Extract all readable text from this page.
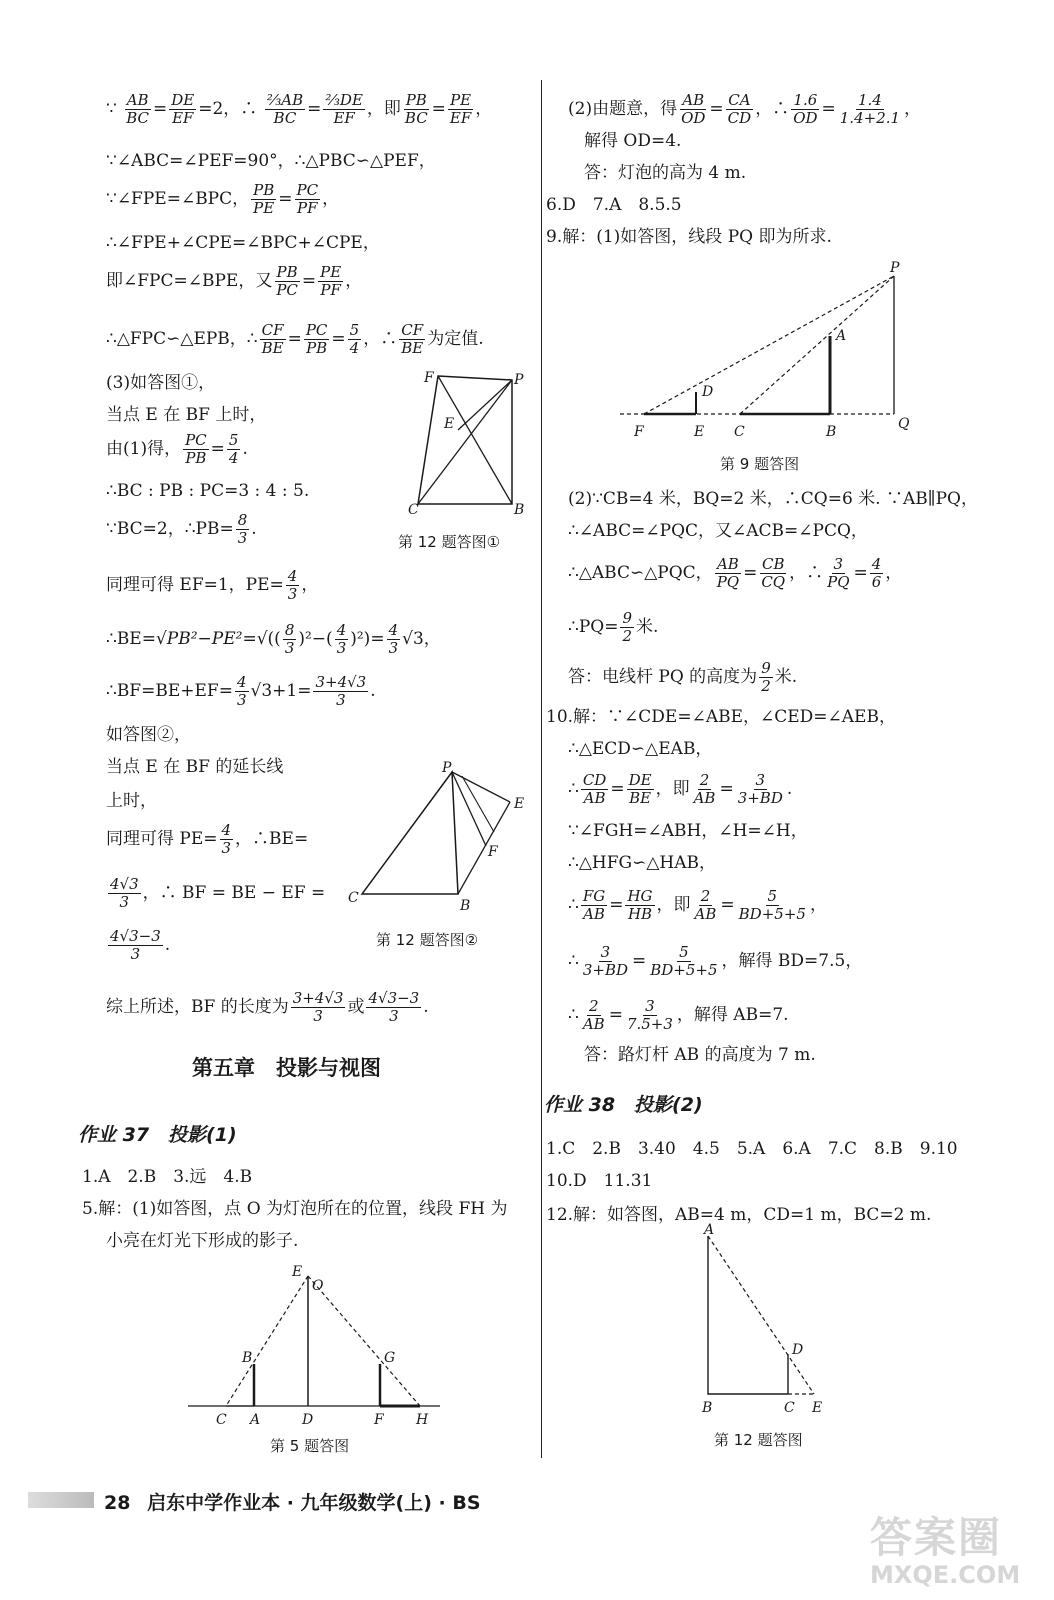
∵ $\frac{AB}{BC} = \frac{DE}{EF} =2$，∴ $\frac{\text{⅔AB}}{BC} = \frac{\text{⅔DE}}{EF}$ ，即 $\frac{PB}{BC} = \frac{PE}{EF}$ ，
∵∠ABC=∠PEF=90°，∴△PBC∽△PEF，
∵∠FPE=∠BPC， $\frac{PB}{PE} = \frac{PC}{PF}$ ，
∴∠FPE+∠CPE=∠BPC+∠CPE，
即∠FPC=∠BPE，又 $\frac{PB}{PC} = \frac{PE}{PF}$ ，
∴△FPC∽△EPB，∴ $\frac{CF}{BE} = \frac{PC}{PB} = \frac{5}{4}$ ，∴ $\frac{CF}{BE}$ 为定值.
(3)如答图①，
当点 E 在 BF 上时，
由(1)得， $\frac{PC}{PB} = \frac{5}{4}$ .
∴BC : PB : PC=3 : 4 : 5.
∵BC=2，∴PB= $\frac{8}{3}$ .
F	P
E
C	B
第 12 题答图①
同理可得 EF=1，$PE= \frac{4}{3}$ ，
∴BE=√PB²−PE²=√(( $\frac{8}{3} )^2-( \frac{4}{3} )^2)= \frac{4}{3} √3$，
∴BF=BE+EF= $\frac{4}{3} √3+1= \frac{3+4√3}{3}$ .
如答图②，
当点 E 在 BF 的延长线
上时，
同理可得 $PE= \frac{4}{3}$ ，∴BE=
$\frac{4√3}{3}$ ，∴ BF = BE − EF =
$\frac{4√3-3}{3}$ .
P
E
F
C	B
第 12 题答图②
综上所述，BF 的长度为 $\frac{3+4√3}{3}$ 或 $\frac{4√3-3}{3}$ .
第五章　投影与视图
作业 37　投影(1)
1.A　2.B　3.远　4.B
5.解：(1)如答图，点 O 为灯泡所在的位置，线段 FH 为
小亮在灯光下形成的影子.
E
O
B	G
C A	D	F H
第 5 题答图
(2)由题意，得 $\frac{AB}{OD} = \frac{CA}{CD}$ ，∴ $\frac{1.6}{OD} = \frac{1.4}{1.4+2.1}$ ，
解得 OD=4.
答：灯泡的高为 4 m.
6.D　7.A　8.5.5
9.解：(1)如答图，线段 PQ 即为所求.
P
A
D
F	E C	B	Q
第 9 题答图
(2)∵CB=4 米，BQ=2 米，∴CQ=6 米. ∵AB∥PQ，
∴∠ABC=∠PQC，又∠ACB=∠PCQ，
∴△ABC∽△PQC， $\frac{AB}{PQ} = \frac{CB}{CQ}$ ，∴ $\frac{3}{PQ} = \frac{4}{6}$ ，
∴PQ= $\frac{9}{2}$ 米.
答：电线杆 PQ 的高度为 $\frac{9}{2}$ 米.
10.解：∵∠CDE=∠ABE，∠CED=∠AEB，
∴△ECD∽△EAB，
∴ $\frac{CD}{AB} = \frac{DE}{BE}$ ，即 $\frac{2}{AB} = \frac{3}{3+BD}$ .
∵∠FGH=∠ABH，∠H=∠H，
∴△HFG∽△HAB，
∴ $\frac{FG}{AB} = \frac{HG}{HB}$ ，即 $\frac{2}{AB} = \frac{5}{BD+5+5}$ ，
∴ $\frac{3}{3+BD} = \frac{5}{BD+5+5}$ ，解得 BD=7.5，
∴ $\frac{2}{AB} = \frac{3}{7.5+3}$ ，解得 AB=7.
答：路灯杆 AB 的高度为 7 m.
作业 38　投影(2)
1.C　2.B　3.40　4.5　5.A　6.A　7.C　8.B　9.10
10.D　11.31
12.解：如答图，AB=4 m，CD=1 m，BC=2 m.
A
D
B	C E
第 12 题答图
28 启东中学作业本 · 九年级数学(上) · BS
答案圈
MXQE.COM
